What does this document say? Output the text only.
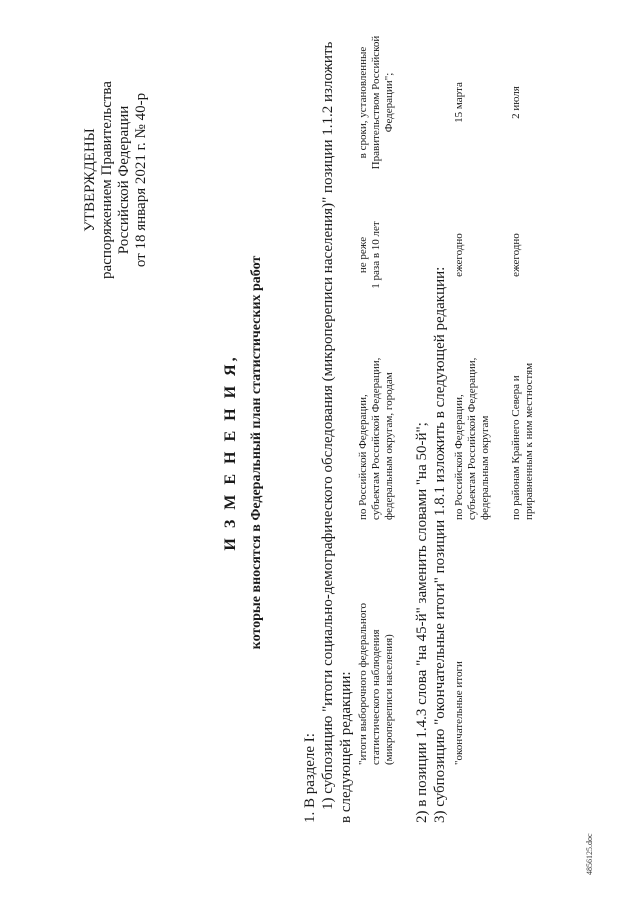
УТВЕРЖДЕНЫ распоряжением Правительства Российской Федерации от 18 января 2021 г. № 40-р
И З М Е Н Е Н И Я, которые вносятся в Федеральный план статистических работ
1. В разделе I: 1) субпозицию "итоги социально-демографического обследования (микропереписи населения)" позиции 1.1.2 изложить в следующей редакции: "итоги выборочного федерального статистического наблюдения (микропереписи населения)
по Российской Федерации, субъектам Российской Федерации, федеральным округам, городам
не реже 1 раза в 10 лет
в сроки, установленные Правительством Российской Федерации";
2) в позиции 1.4.3 слова "на 45-й" заменить словами "на 50-й"; 3) субпозицию "окончательные итоги" позиции 1.8.1 изложить в следующей редакции: "окончательные итоги
по Российской Федерации, субъектам Российской Федерации, федеральным округам
ежегодно
15 марта
по районам Крайнего Севера и приравненным к ним местностям
ежегодно
2 июля
4856125.doc
